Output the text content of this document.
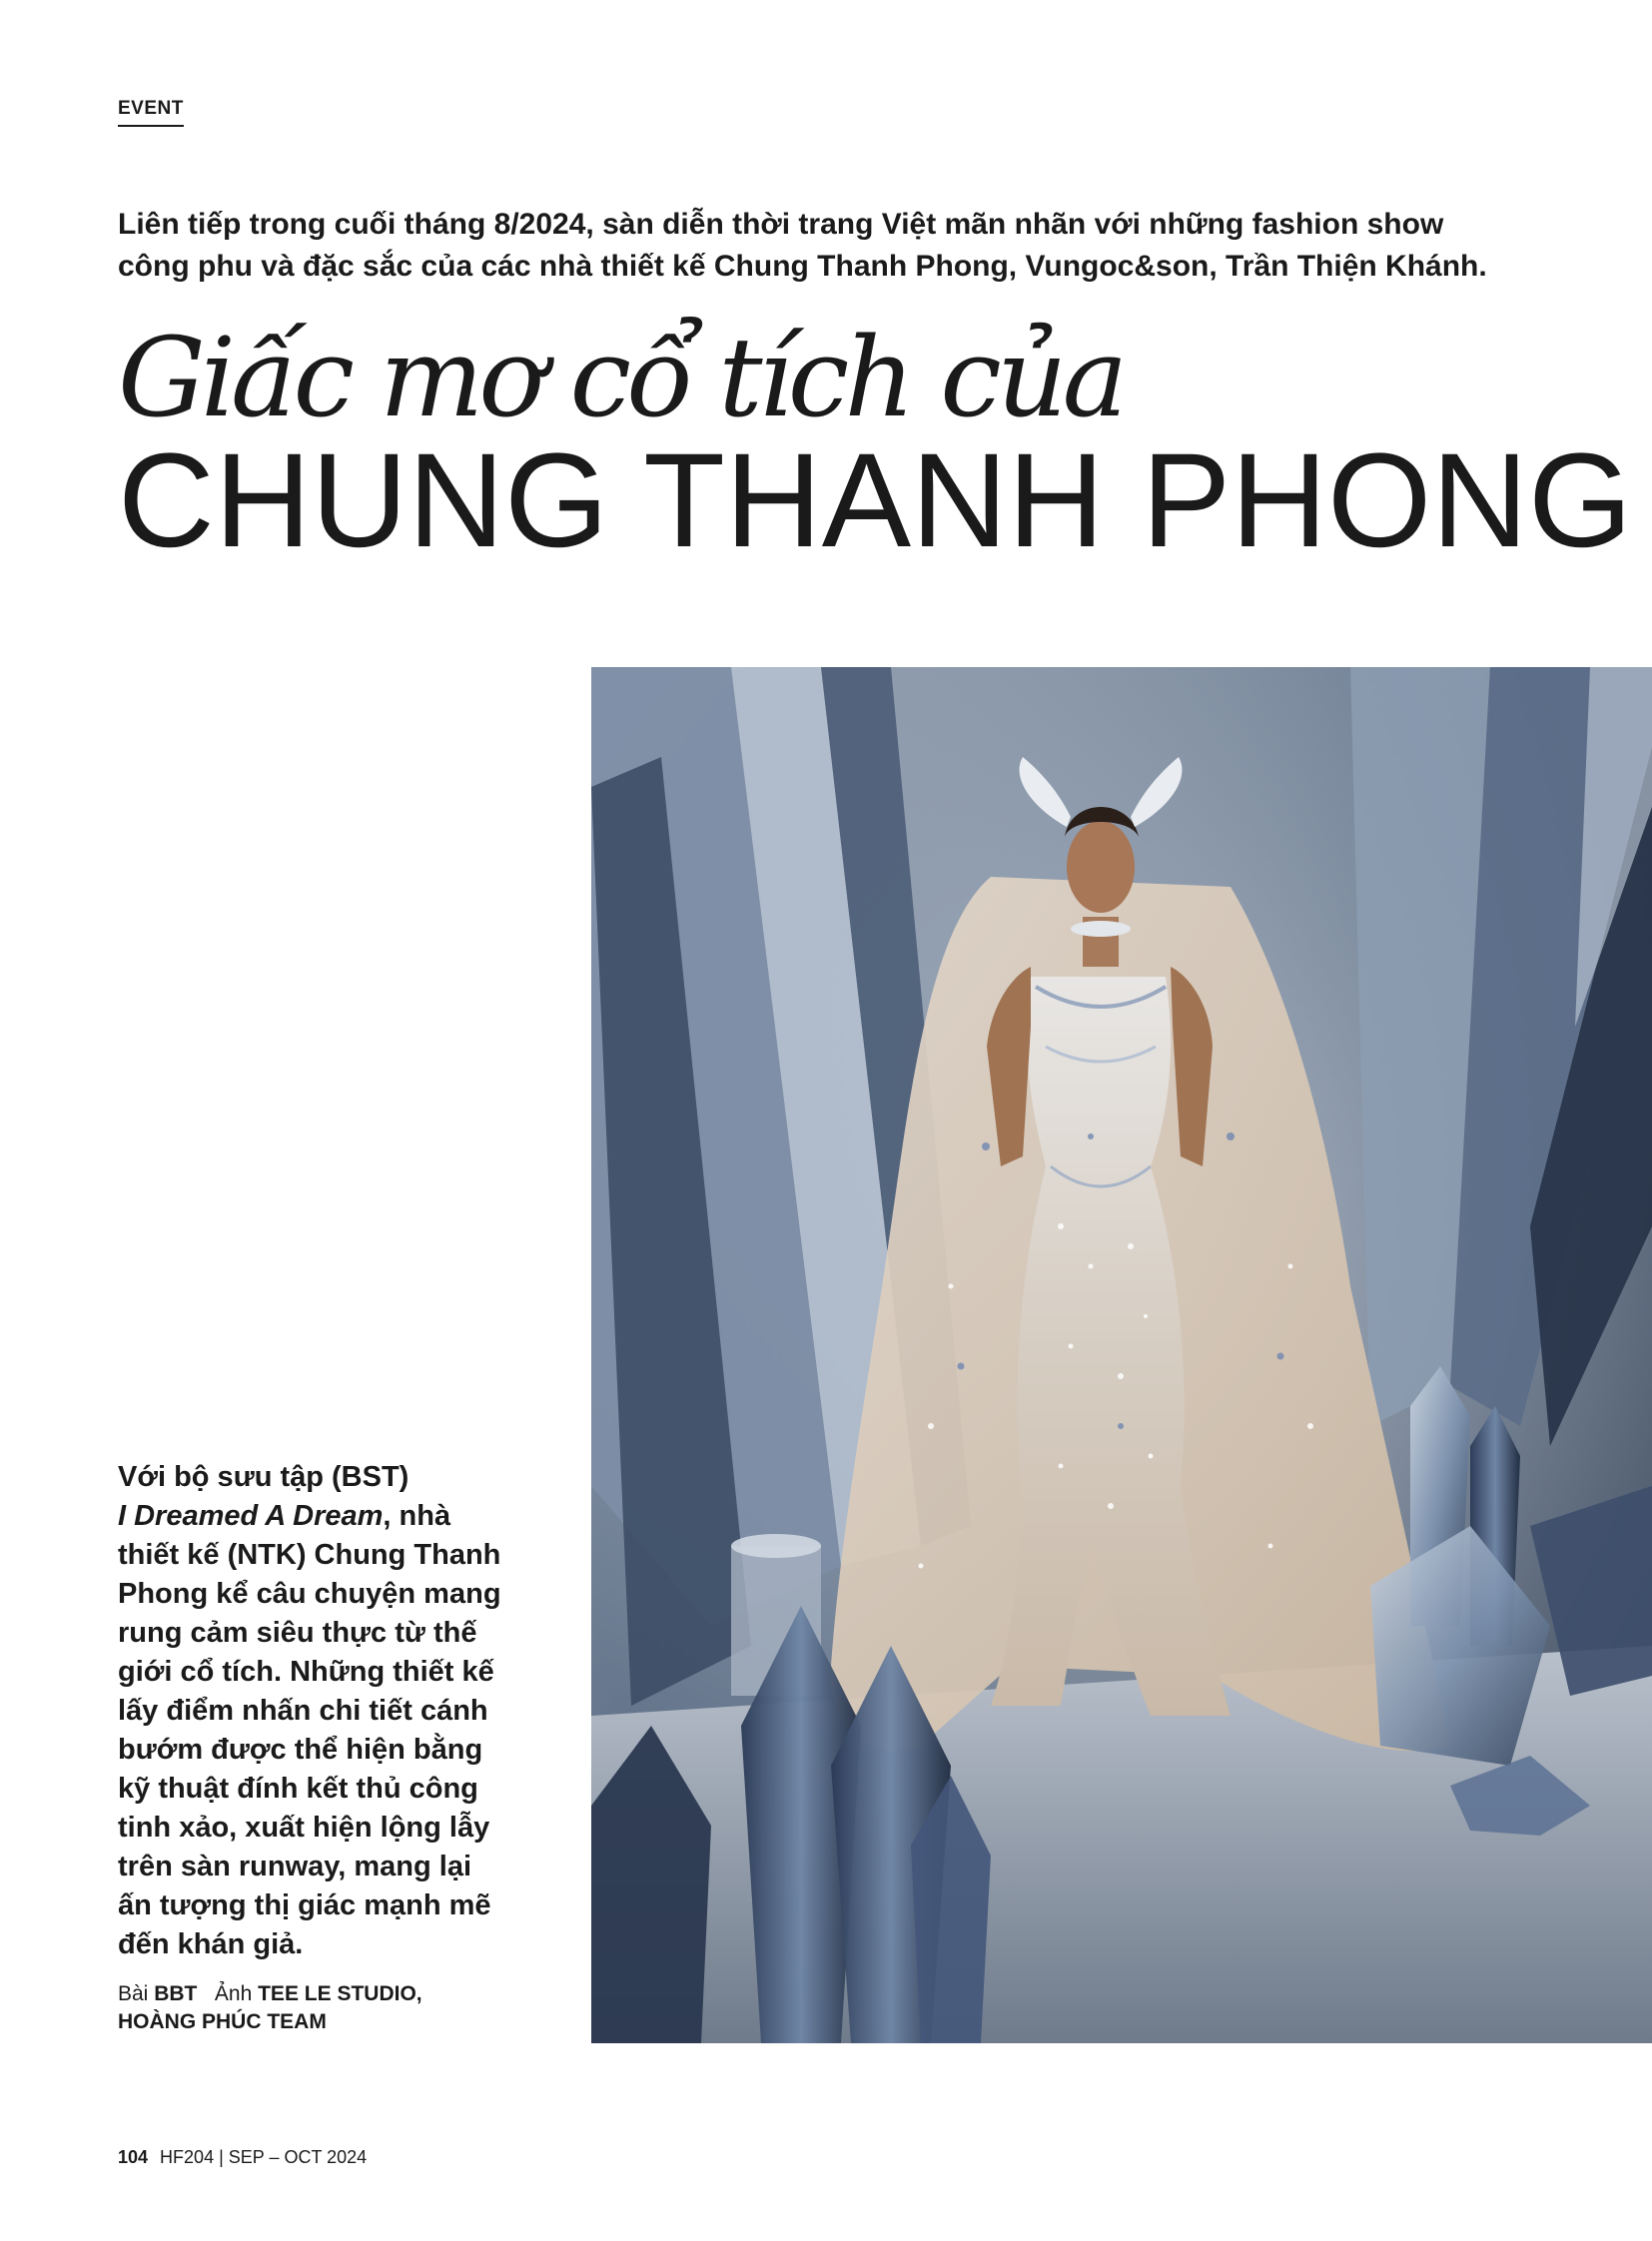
EVENT
Liên tiếp trong cuối tháng 8/2024, sàn diễn thời trang Việt mãn nhãn với những fashion show
công phu và đặc sắc của các nhà thiết kế Chung Thanh Phong, Vungoc&son, Trần Thiện Khánh.
Giấc mơ cổ tích của
CHUNG THANH PHONG
Với bộ sưu tập (BST)
I Dreamed A Dream, nhà
thiết kế (NTK) Chung Thanh
Phong kể câu chuyện mang
rung cảm siêu thực từ thế
giới cổ tích. Những thiết kế
lấy điểm nhấn chi tiết cánh
bướm được thể hiện bằng
kỹ thuật đính kết thủ công
tinh xảo, xuất hiện lộng lẫy
trên sàn runway, mang lại
ấn tượng thị giác mạnh mẽ
đến khán giả.
Bài BBT Ảnh TEE LE STUDIO,
HOÀNG PHÚC TEAM
104 HF204 | SEP – OCT 2024
